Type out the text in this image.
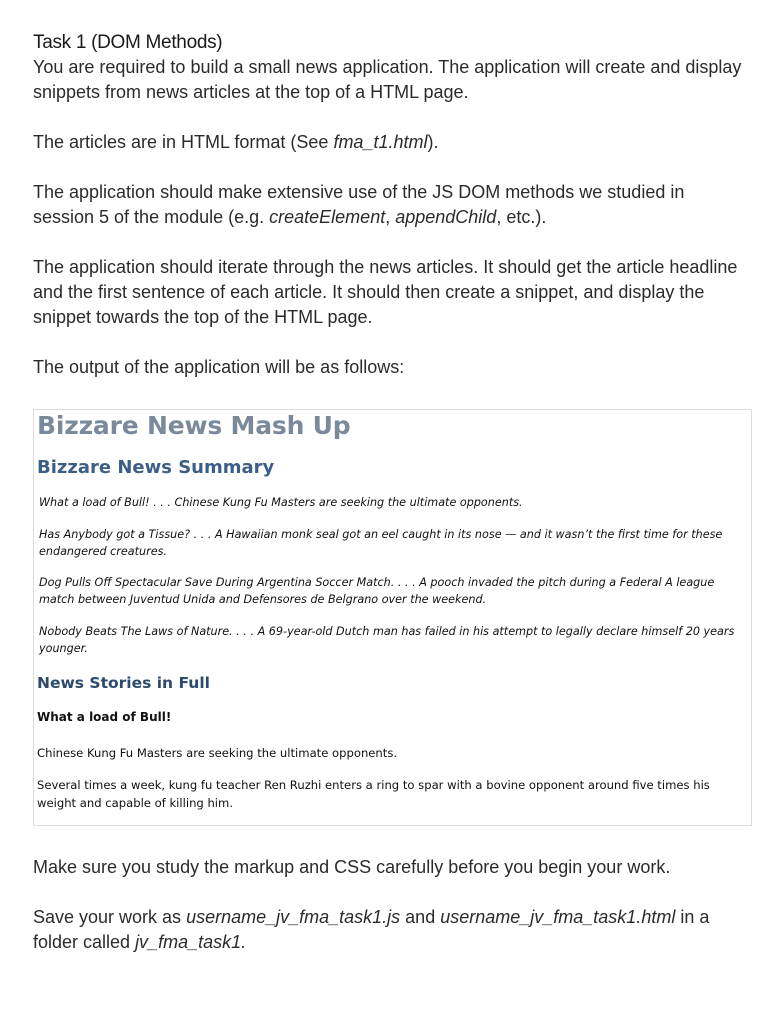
Task 1 (DOM Methods)

You are required to build a small news application. The application will create and display snippets from news articles at the top of a HTML page.

The articles are in HTML format (See fma_t1.html).

The application should make extensive use of the JS DOM methods we studied in session 5 of the module (e.g. createElement, appendChild, etc.).

The application should iterate through the news articles. It should get the article headline and the first sentence of each article. It should then create a snippet, and display the snippet towards the top of the HTML page.

The output of the application will be as follows:

Bizzare News Mash Up
Bizzare News Summary
What a load of Bull! . . . Chinese Kung Fu Masters are seeking the ultimate opponents.
Has Anybody got a Tissue? . . . A Hawaiian monk seal got an eel caught in its nose — and it wasn’t the first time for these endangered creatures.
Dog Pulls Off Spectacular Save During Argentina Soccer Match. . . . A pooch invaded the pitch during a Federal A league match between Juventud Unida and Defensores de Belgrano over the weekend.
Nobody Beats The Laws of Nature. . . . A 69-year-old Dutch man has failed in his attempt to legally declare himself 20 years younger.
News Stories in Full
What a load of Bull!
Chinese Kung Fu Masters are seeking the ultimate opponents.
Several times a week, kung fu teacher Ren Ruzhi enters a ring to spar with a bovine opponent around five times his weight and capable of killing him.

Make sure you study the markup and CSS carefully before you begin your work.

Save your work as username_jv_fma_task1.js and username_jv_fma_task1.html in a folder called jv_fma_task1.
